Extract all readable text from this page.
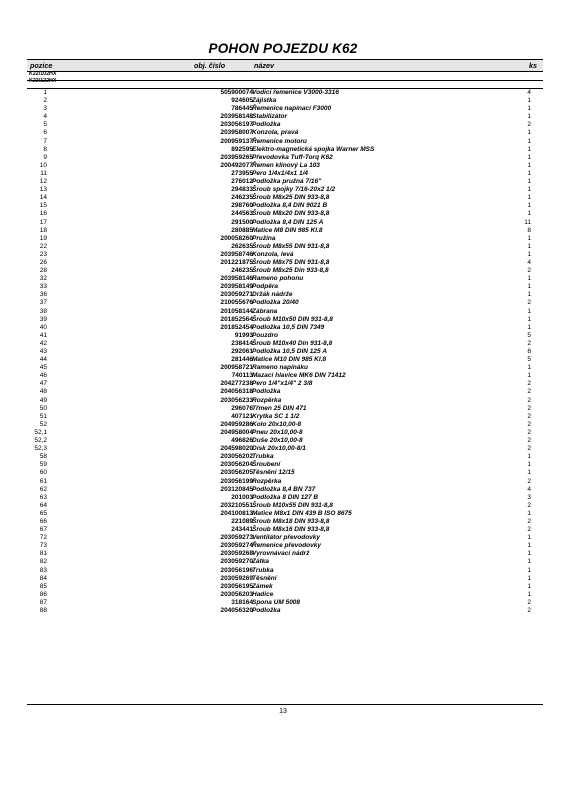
POHON POJEZDU K62
pozice	obj. číslo	název	ks
K22/102HX
K22/122HX
1	505900074 Vodicí řemenice V3000-3316	4
2	924605 Zájistka	1
3	786445 Řemenice napínací F3000	1
4	203958148 Stabilizátor	1
5	203056197 Podložka	2
6	203958007 Konzola, pravá	1
7	200959137 Řemenice motoru	1
8	892595 Elektro-magnetická spojka Warner MSS	1
9	203959265 Převodovka Tuff-Torq K62	1
10	200492077 Řemen klínový La 103	1
11	273955 Pero 1/4x1/4x1 1/4	1
12	276012 Podložka pružná 7/16''	1
13	294833 Šroub spojky 7/16-20x2 1/2	1
14	246235 Šroub M8x25 DIN 933-8,8	1
15	298760 Podložka 8,4 DIN 9021 B	1
16	244563 Šroub M8x20 DIN 933-8,8	1
17	291500 Podložka 8,4 DIN 125 A	11
18	280885 Matice M8 DIN 985 Kl.8	8
19	200058260 Pružina	1
22	262635 Šroub M8x55 DIN 931-8,8	1
23	203958746 Konzola, levá	1
26	201221875 Šroub M8x75 DIN 931-8,8	4
28	246235 Šroub M8x25 Din 933-8,8	2
32	203958146 Rameno pohonu	1
33	203958149 Podpěra	1
36	203059271 Držák nádrže	1
37	210055676 Podložka 20/40	2
38	201058144 Zábrana	1
39	201852564 Šroub M10x50 DIN 931-8,8	1
40	201852454 Podložka 10,5 DIN 7349	1
41	91993 Pouzdro	5
42	238414 Šroub M10x40 Din 931-8,8	2
43	292061 Podložka 10,5 DIN 125 A	8
44	281446 Matice M10 DIN 985 Kl.8	5
45	200958721 Rameno napínáku	1
46	740113 Mazací hlavice MK6 DIN 71412	1
47	204277238 Pero 1/4"x1/4" 2 3/8	2
48	204056318 Podložka	2
49	203056233 Rozpěrka	2
50	296076 Třmen 25 DIN 471	2
51	407121 Krytka SC 1 1/2	2
52	204959286 Kolo 20x10,00-8	2
52,1	204958004 Pneu 20x10,00-8	2
52,2	496826 Duše 20x10,00-8	2
52,3	204598020 Disk 20x10,00-8/1	2
58	203056202 Trubka	1
59	203056204 Šroubení	1
60	203056205 Těsnění 12/15	1
61	203056199 Rozpěrka	2
62	203120845 Podložka 8,4 BN 737	4
63	201003 Podložka 8 DIN 127 B	3
64	203210551 Šroub M10x55 DIN 931-8,8	2
65	204100813 Matice M8x1 DIN 439 B ISO 8675	1
66	221089 Šroub M8x18 DIN 933-8,8	2
67	243441 Šroub M8x16 DIN 933-8,8	2
72	203059273 Ventilátor převodovky	1
73	203059274 Řemenice převodovky	1
81	203059268 Vyrovnávací nádrž	1
82	203059270 Zátka	1
83	203056196 Trubka	1
84	203059269 Těsnění	1
85	203056195 Zámek	1
86	203056203 Hadice	1
87	318164 Spona UM 5008	2
88	204056320 Podložka	2
13
